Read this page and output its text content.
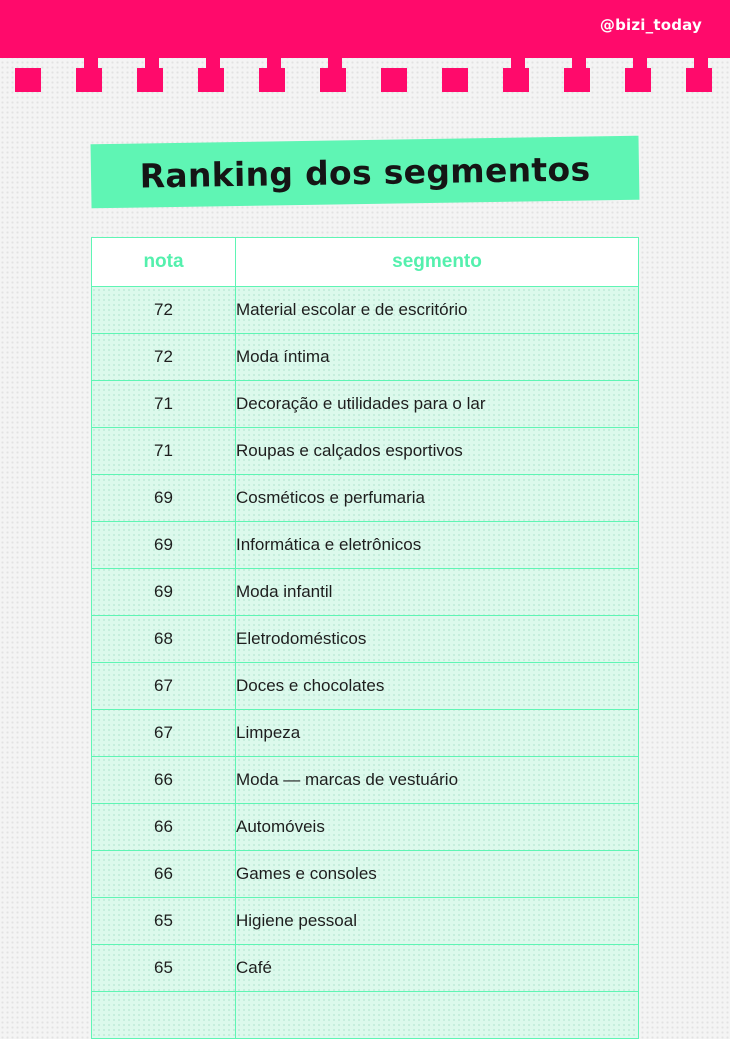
@bizi_today
Ranking dos segmentos
nota	segmento
72	Material escolar e de escritório
72	Moda íntima
71	Decoração e utilidades para o lar
71	Roupas e calçados esportivos
69	Cosméticos e perfumaria
69	Informática e eletrônicos
69	Moda infantil
68	Eletrodomésticos
67	Doces e chocolates
67	Limpeza
66	Moda — marcas de vestuário
66	Automóveis
66	Games e consoles
65	Higiene pessoal
65	Café
